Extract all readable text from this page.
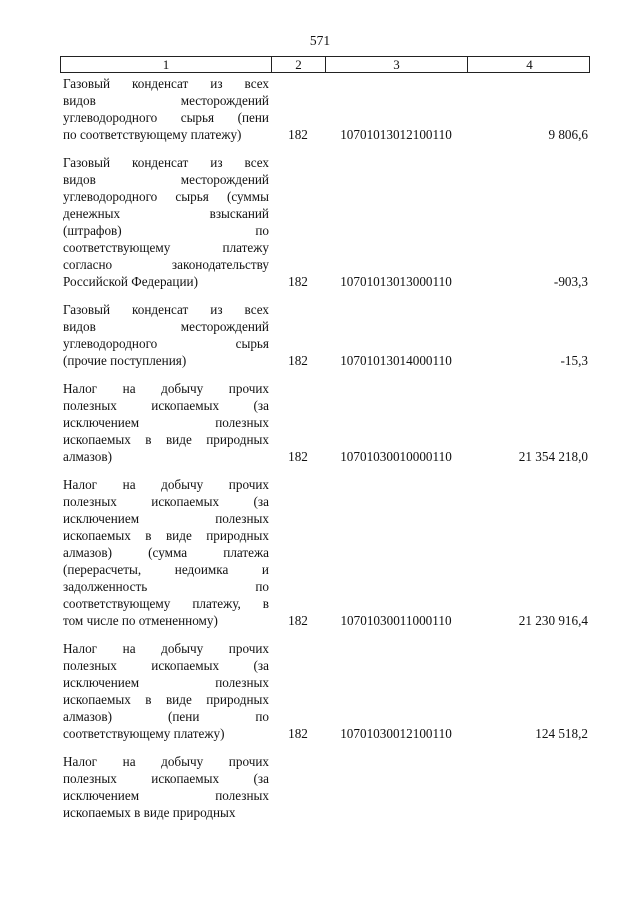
571
1	2	3	4
Газовый конденсат из всех
видов месторождений
углеводородного сырья (пени
по соответствующему платежу)	182	10701013012100110	9 806,6
Газовый конденсат из всех
видов месторождений
углеводородного сырья (суммы
денежных взысканий
(штрафов) по
соответствующему платежу
согласно законодательству
Российской Федерации)	182	10701013013000110	-903,3
Газовый конденсат из всех
видов месторождений
углеводородного сырья
(прочие поступления)	182	10701013014000110	-15,3
Налог на добычу прочих
полезных ископаемых (за
исключением полезных
ископаемых в виде природных
алмазов)	182	10701030010000110	21 354 218,0
Налог на добычу прочих
полезных ископаемых (за
исключением полезных
ископаемых в виде природных
алмазов) (сумма платежа
(перерасчеты, недоимка и
задолженность по
соответствующему платежу, в
том числе по отмененному)	182	10701030011000110	21 230 916,4
Налог на добычу прочих
полезных ископаемых (за
исключением полезных
ископаемых в виде природных
алмазов) (пени по
соответствующему платежу)	182	10701030012100110	124 518,2
Налог на добычу прочих
полезных ископаемых (за
исключением полезных
ископаемых в виде природных
